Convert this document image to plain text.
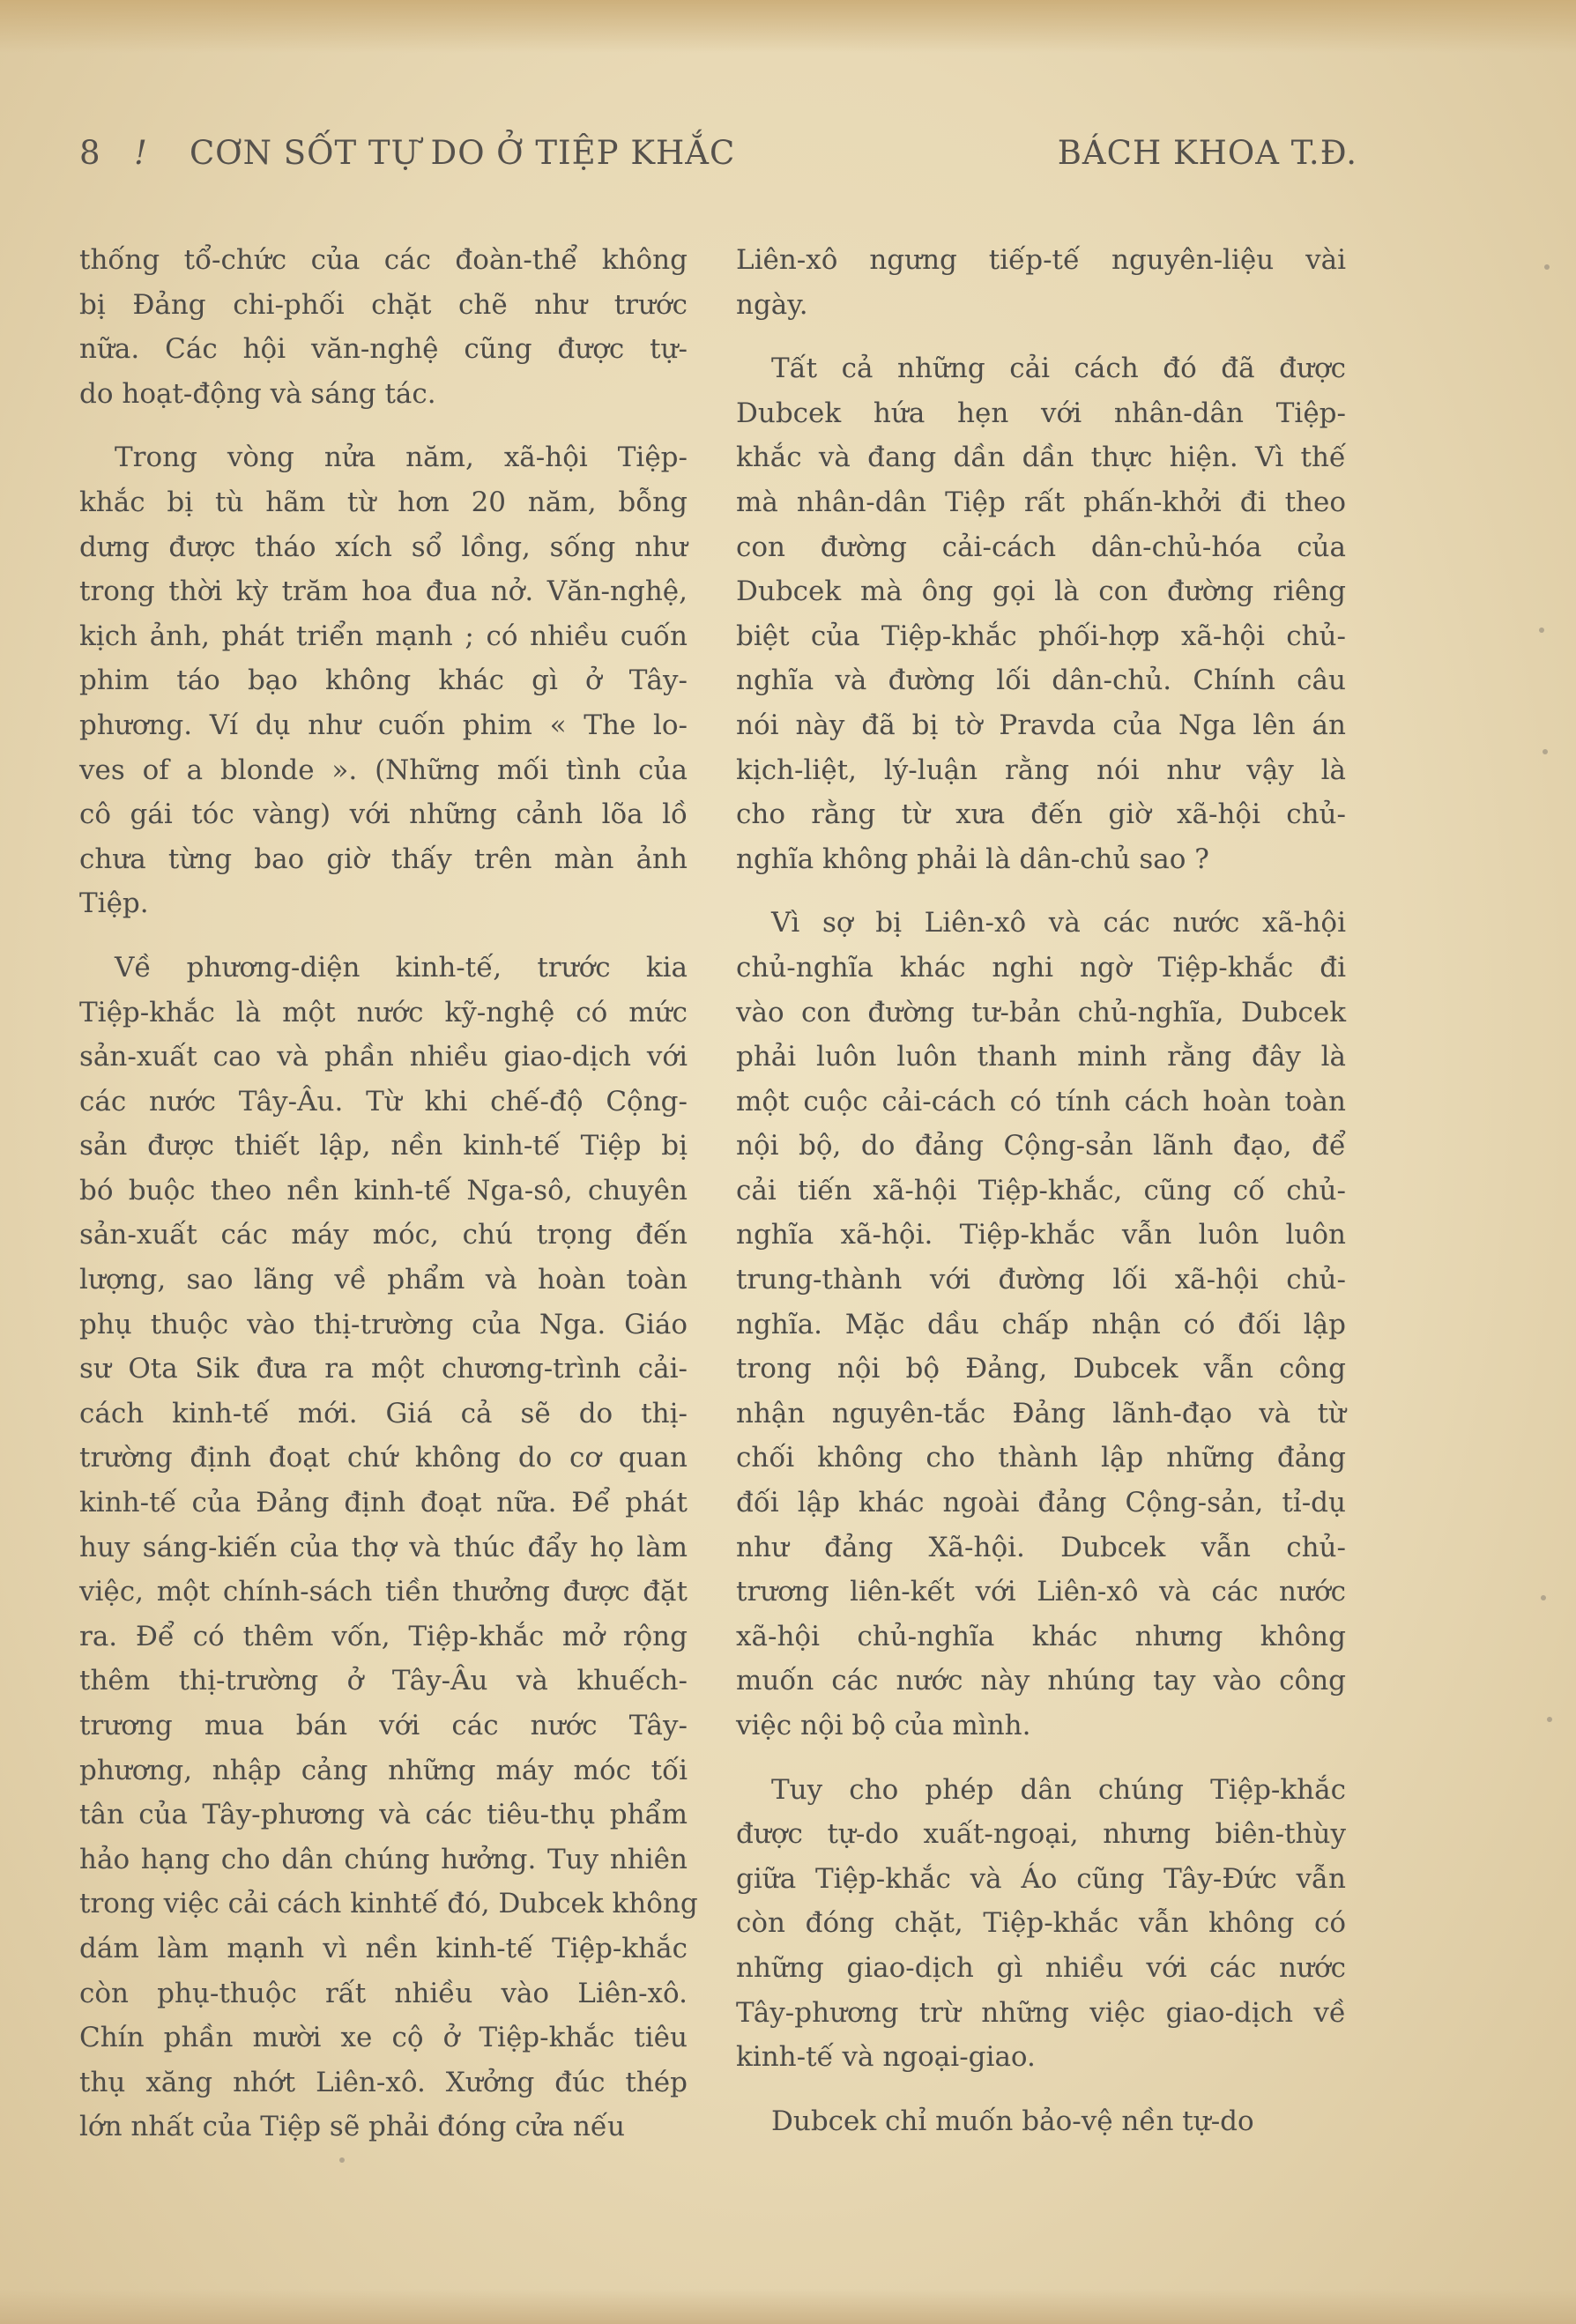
8 ! CƠN SỐT TỰ DO Ở TIỆP KHẮC	BÁCH KHOA T.Đ.

thống tổ-chức của các đoàn-thể không
bị Đảng chi-phối chặt chẽ như trước
nữa. Các hội văn-nghệ cũng được tự-
do hoạt-động và sáng tác.

Trong vòng nửa năm, xã-hội Tiệp-
khắc bị tù hãm từ hơn 20 năm, bỗng
dưng được tháo xích sổ lồng, sống như
trong thời kỳ trăm hoa đua nở. Văn-nghệ,
kịch ảnh, phát triển mạnh ; có nhiều cuốn
phim táo bạo không khác gì ở Tây-
phương. Ví dụ như cuốn phim « The lo-
ves of a blonde ». (Những mối tình của
cô gái tóc vàng) với những cảnh lõa lồ
chưa từng bao giờ thấy trên màn ảnh
Tiệp.

Về phương-diện kinh-tế, trước kia
Tiệp-khắc là một nước kỹ-nghệ có mức
sản-xuất cao và phần nhiều giao-dịch với
các nước Tây-Âu. Từ khi chế-độ Cộng-
sản được thiết lập, nền kinh-tế Tiệp bị
bó buộc theo nền kinh-tế Nga-sô, chuyên
sản-xuất các máy móc, chú trọng đến
lượng, sao lãng về phẩm và hoàn toàn
phụ thuộc vào thị-trường của Nga. Giáo
sư Ota Sik đưa ra một chương-trình cải-
cách kinh-tế mới. Giá cả sẽ do thị-
trường định đoạt chứ không do cơ quan
kinh-tế của Đảng định đoạt nữa. Để phát
huy sáng-kiến của thợ và thúc đẩy họ làm
việc, một chính-sách tiền thưởng được đặt
ra. Để có thêm vốn, Tiệp-khắc mở rộng
thêm thị-trường ở Tây-Âu và khuếch-
trương mua bán với các nước Tây-
phương, nhập cảng những máy móc tối
tân của Tây-phương và các tiêu-thụ phẩm
hảo hạng cho dân chúng hưởng. Tuy nhiên
trong việc cải cách kinhtế đó, Dubcek không
dám làm mạnh vì nền kinh-tế Tiệp-khắc
còn phụ-thuộc rất nhiều vào Liên-xô.
Chín phần mười xe cộ ở Tiệp-khắc tiêu
thụ xăng nhớt Liên-xô. Xưởng đúc thép
lớn nhất của Tiệp sẽ phải đóng cửa nếu

Liên-xô ngưng tiếp-tế nguyên-liệu vài
ngày.

Tất cả những cải cách đó đã được
Dubcek hứa hẹn với nhân-dân Tiệp-
khắc và đang dần dần thực hiện. Vì thế
mà nhân-dân Tiệp rất phấn-khởi đi theo
con đường cải-cách dân-chủ-hóa của
Dubcek mà ông gọi là con đường riêng
biệt của Tiệp-khắc phối-hợp xã-hội chủ-
nghĩa và đường lối dân-chủ. Chính câu
nói này đã bị tờ Pravda của Nga lên án
kịch-liệt, lý-luận rằng nói như vậy là
cho rằng từ xưa đến giờ xã-hội chủ-
nghĩa không phải là dân-chủ sao ?

Vì sợ bị Liên-xô và các nước xã-hội
chủ-nghĩa khác nghi ngờ Tiệp-khắc đi
vào con đường tư-bản chủ-nghĩa, Dubcek
phải luôn luôn thanh minh rằng đây là
một cuộc cải-cách có tính cách hoàn toàn
nội bộ, do đảng Cộng-sản lãnh đạo, để
cải tiến xã-hội Tiệp-khắc, cũng cố chủ-
nghĩa xã-hội. Tiệp-khắc vẫn luôn luôn
trung-thành với đường lối xã-hội chủ-
nghĩa. Mặc dầu chấp nhận có đối lập
trong nội bộ Đảng, Dubcek vẫn công
nhận nguyên-tắc Đảng lãnh-đạo và từ
chối không cho thành lập những đảng
đối lập khác ngoài đảng Cộng-sản, tỉ-dụ
như đảng Xã-hội. Dubcek vẫn chủ-
trương liên-kết với Liên-xô và các nước
xã-hội chủ-nghĩa khác nhưng không
muốn các nước này nhúng tay vào công
việc nội bộ của mình.

Tuy cho phép dân chúng Tiệp-khắc
được tự-do xuất-ngoại, nhưng biên-thùy
giữa Tiệp-khắc và Áo cũng Tây-Đức vẫn
còn đóng chặt, Tiệp-khắc vẫn không có
những giao-dịch gì nhiều với các nước
Tây-phương trừ những việc giao-dịch về
kinh-tế và ngoại-giao.

Dubcek chỉ muốn bảo-vệ nền tự-do
